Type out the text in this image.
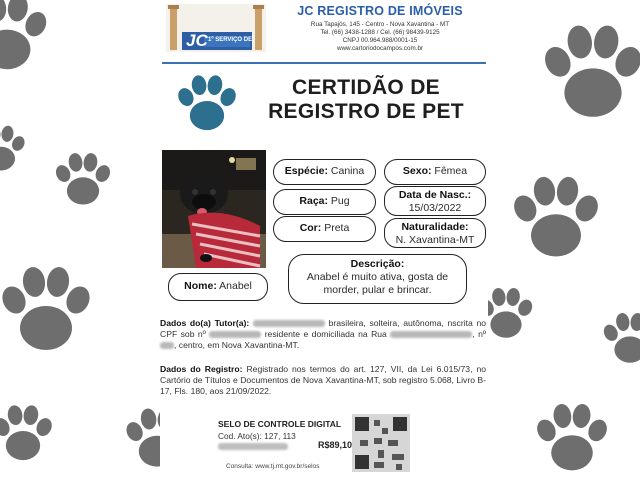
JC 1º SERVIÇO DE
JC REGISTRO DE IMÓVEIS
Rua Tapajós, 145 - Centro - Nova Xavantina - MT
Tel. (66) 3438-1288 / Cel. (66) 98439-9125
CNPJ 00.964.988/0001-15
www.cartoriodocampos.com.br
CERTIDÃO DE
REGISTRO DE PET
Espécie: Canina	Sexo: Fêmea
Raça: Pug	Data de Nasc.:
15/03/2022
Cor: Preta	Naturalidade:
N. Xavantina-MT
Descrição:
Anabel é muito ativa, gosta de morder, pular e brincar.
Nome: Anabel
Dados do(a) Tutor(a):	brasileira, solteira, autônoma, nscrita no CPF sob nº	residente e domiciliada na Rua	, nº , centro, em Nova Xavantina-MT.
Dados do Registro: Registrado nos termos do art. 127, VII, da Lei 6.015/73, no Cartório de Títulos e Documentos de Nova Xavantina-MT, sob registro 5.068, Livro B-17, Fls. 180, aos 21/09/2022.
SELO DE CONTROLE DIGITAL
Cod. Ato(s): 127, 113
R$89,10
Consulta: www.tj.mt.gov.br/selos
